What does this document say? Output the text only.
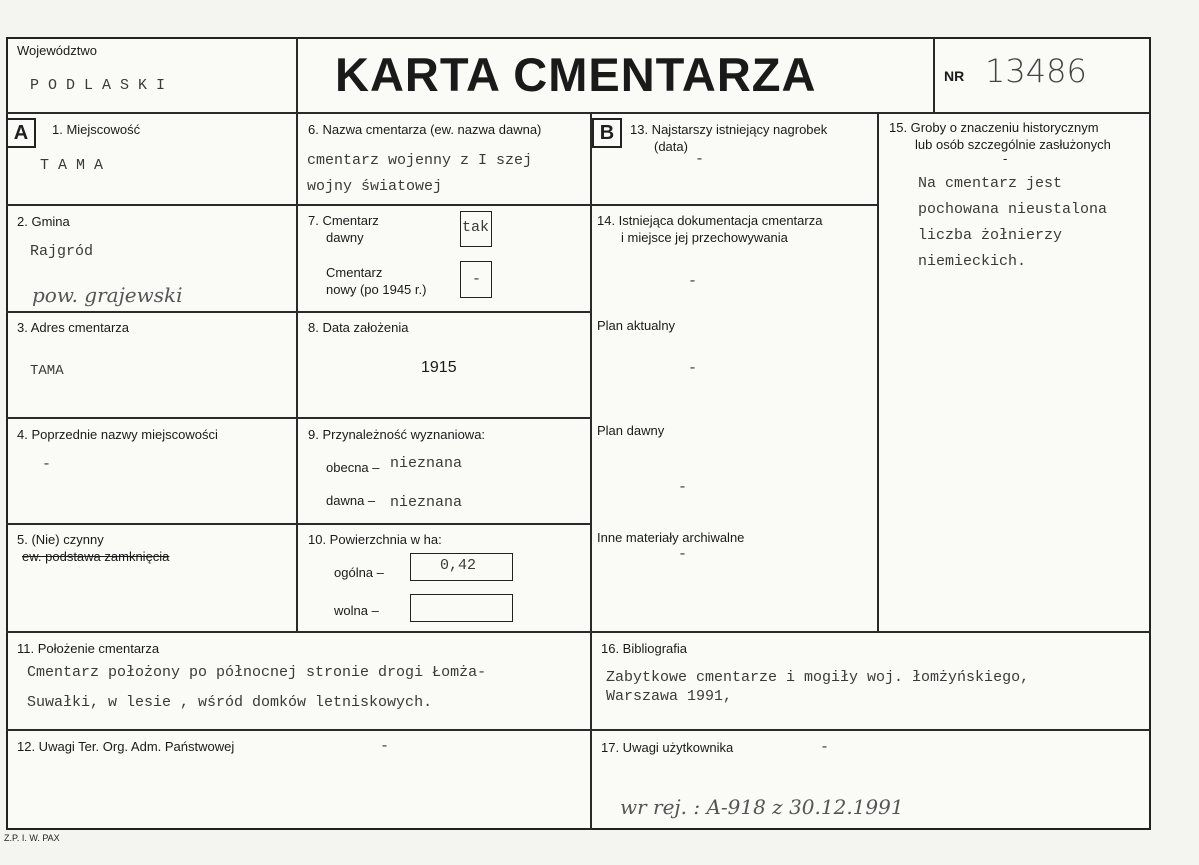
Województwo
P O D L A S K I	KARTA CMENTARZA	NR 13486
A	B
1. Miejscowość
T A M A
2. Gmina
Rajgród
pow. grajewski
3. Adres cmentarza
TAMA
4. Poprzednie nazwy miejscowości
-
5. (Nie) czynny
ew. podstawa zamknięcia
6. Nazwa cmentarza (ew. nazwa dawna)
cmentarz wojenny z I szej
wojny światowej
7. Cmentarz
dawny
tak
Cmentarz
nowy (po 1945 r.)
-
8. Data założenia
1915
9. Przynależność wyznaniowa:
obecna – nieznana
dawna – nieznana
10. Powierzchnia w ha:
ogólna –	0,42
wolna –
11. Położenie cmentarza
Cmentarz położony po północnej stronie drogi Łomża-
Suwałki, w lesie , wśród domków letniskowych.
12. Uwagi Ter. Org. Adm. Państwowej	-
13. Najstarszy istniejący nagrobek
(data)
-
14. Istniejąca dokumentacja cmentarza
i miejsce jej przechowywania
-
Plan aktualny
-
Plan dawny
-
Inne materiały archiwalne
-
15. Groby o znaczeniu historycznym
lub osób szczególnie zasłużonych
-
Na cmentarz jest
pochowana nieustalona
liczba żołnierzy
niemieckich.
16. Bibliografia
Zabytkowe cmentarze i mogiły woj. łomżyńskiego,
Warszawa 1991,
17. Uwagi użytkownika	-
wr rej. : A-918 z 30.12.1991
Z.P. I. W. PAX
